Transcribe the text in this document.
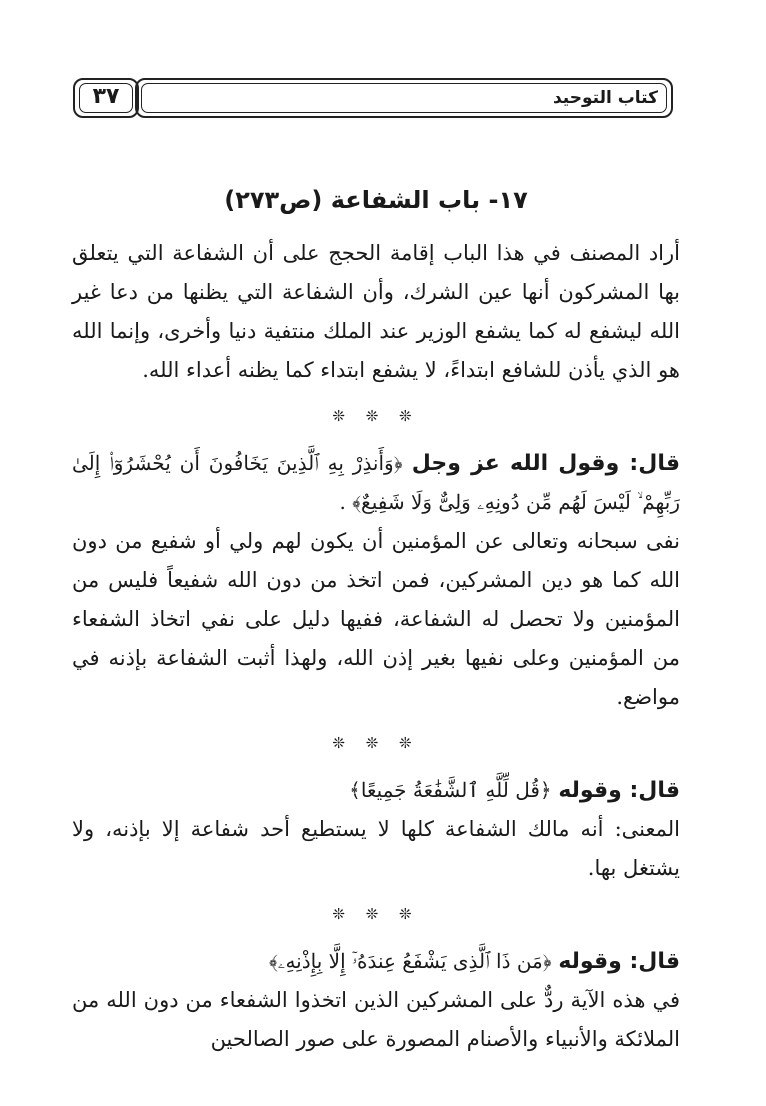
كتاب التوحيد
٣٧
١٧- باب الشفاعة (ص٢٧٣)

أراد المصنف في هذا الباب إقامة الحجج على أن الشفاعة التي يتعلق بها المشركون أنها عين الشرك، وأن الشفاعة التي يظنها من دعا غير الله ليشفع له كما يشفع الوزير عند الملك منتفية دنيا وأخرى، وإنما الله هو الذي يأذن للشافع ابتداءً، لا يشفع ابتداء كما يظنه أعداء الله.

❊ ❊ ❊

قال: وقول الله عز وجل ﴿وَأَنذِرْ بِهِ ٱلَّذِينَ يَخَافُونَ أَن يُحْشَرُوٓا۟ إِلَىٰ رَبِّهِمْ ۙ لَيْسَ لَهُم مِّن دُونِهِۦ وَلِىٌّ وَلَا شَفِيعٌ﴾ .

نفى سبحانه وتعالى عن المؤمنين أن يكون لهم ولي أو شفيع من دون الله كما هو دين المشركين، فمن اتخذ من دون الله شفيعاً فليس من المؤمنين ولا تحصل له الشفاعة، ففيها دليل على نفي اتخاذ الشفعاء من المؤمنين وعلى نفيها بغير إذن الله، ولهذا أثبت الشفاعة بإذنه في مواضع.

❊ ❊ ❊

قال: وقوله ﴿قُل لِّلَّهِ ٱلشَّفَٰعَةُ جَمِيعًا﴾

المعنى: أنه مالك الشفاعة كلها لا يستطيع أحد شفاعة إلا بإذنه، ولا يشتغل بها.

❊ ❊ ❊

قال: وقوله ﴿مَن ذَا ٱلَّذِى يَشْفَعُ عِندَهُۥٓ إِلَّا بِإِذْنِهِۦ﴾

في هذه الآية ردٌّ على المشركين الذين اتخذوا الشفعاء من دون الله من الملائكة والأنبياء والأصنام المصورة على صور الصالحين
